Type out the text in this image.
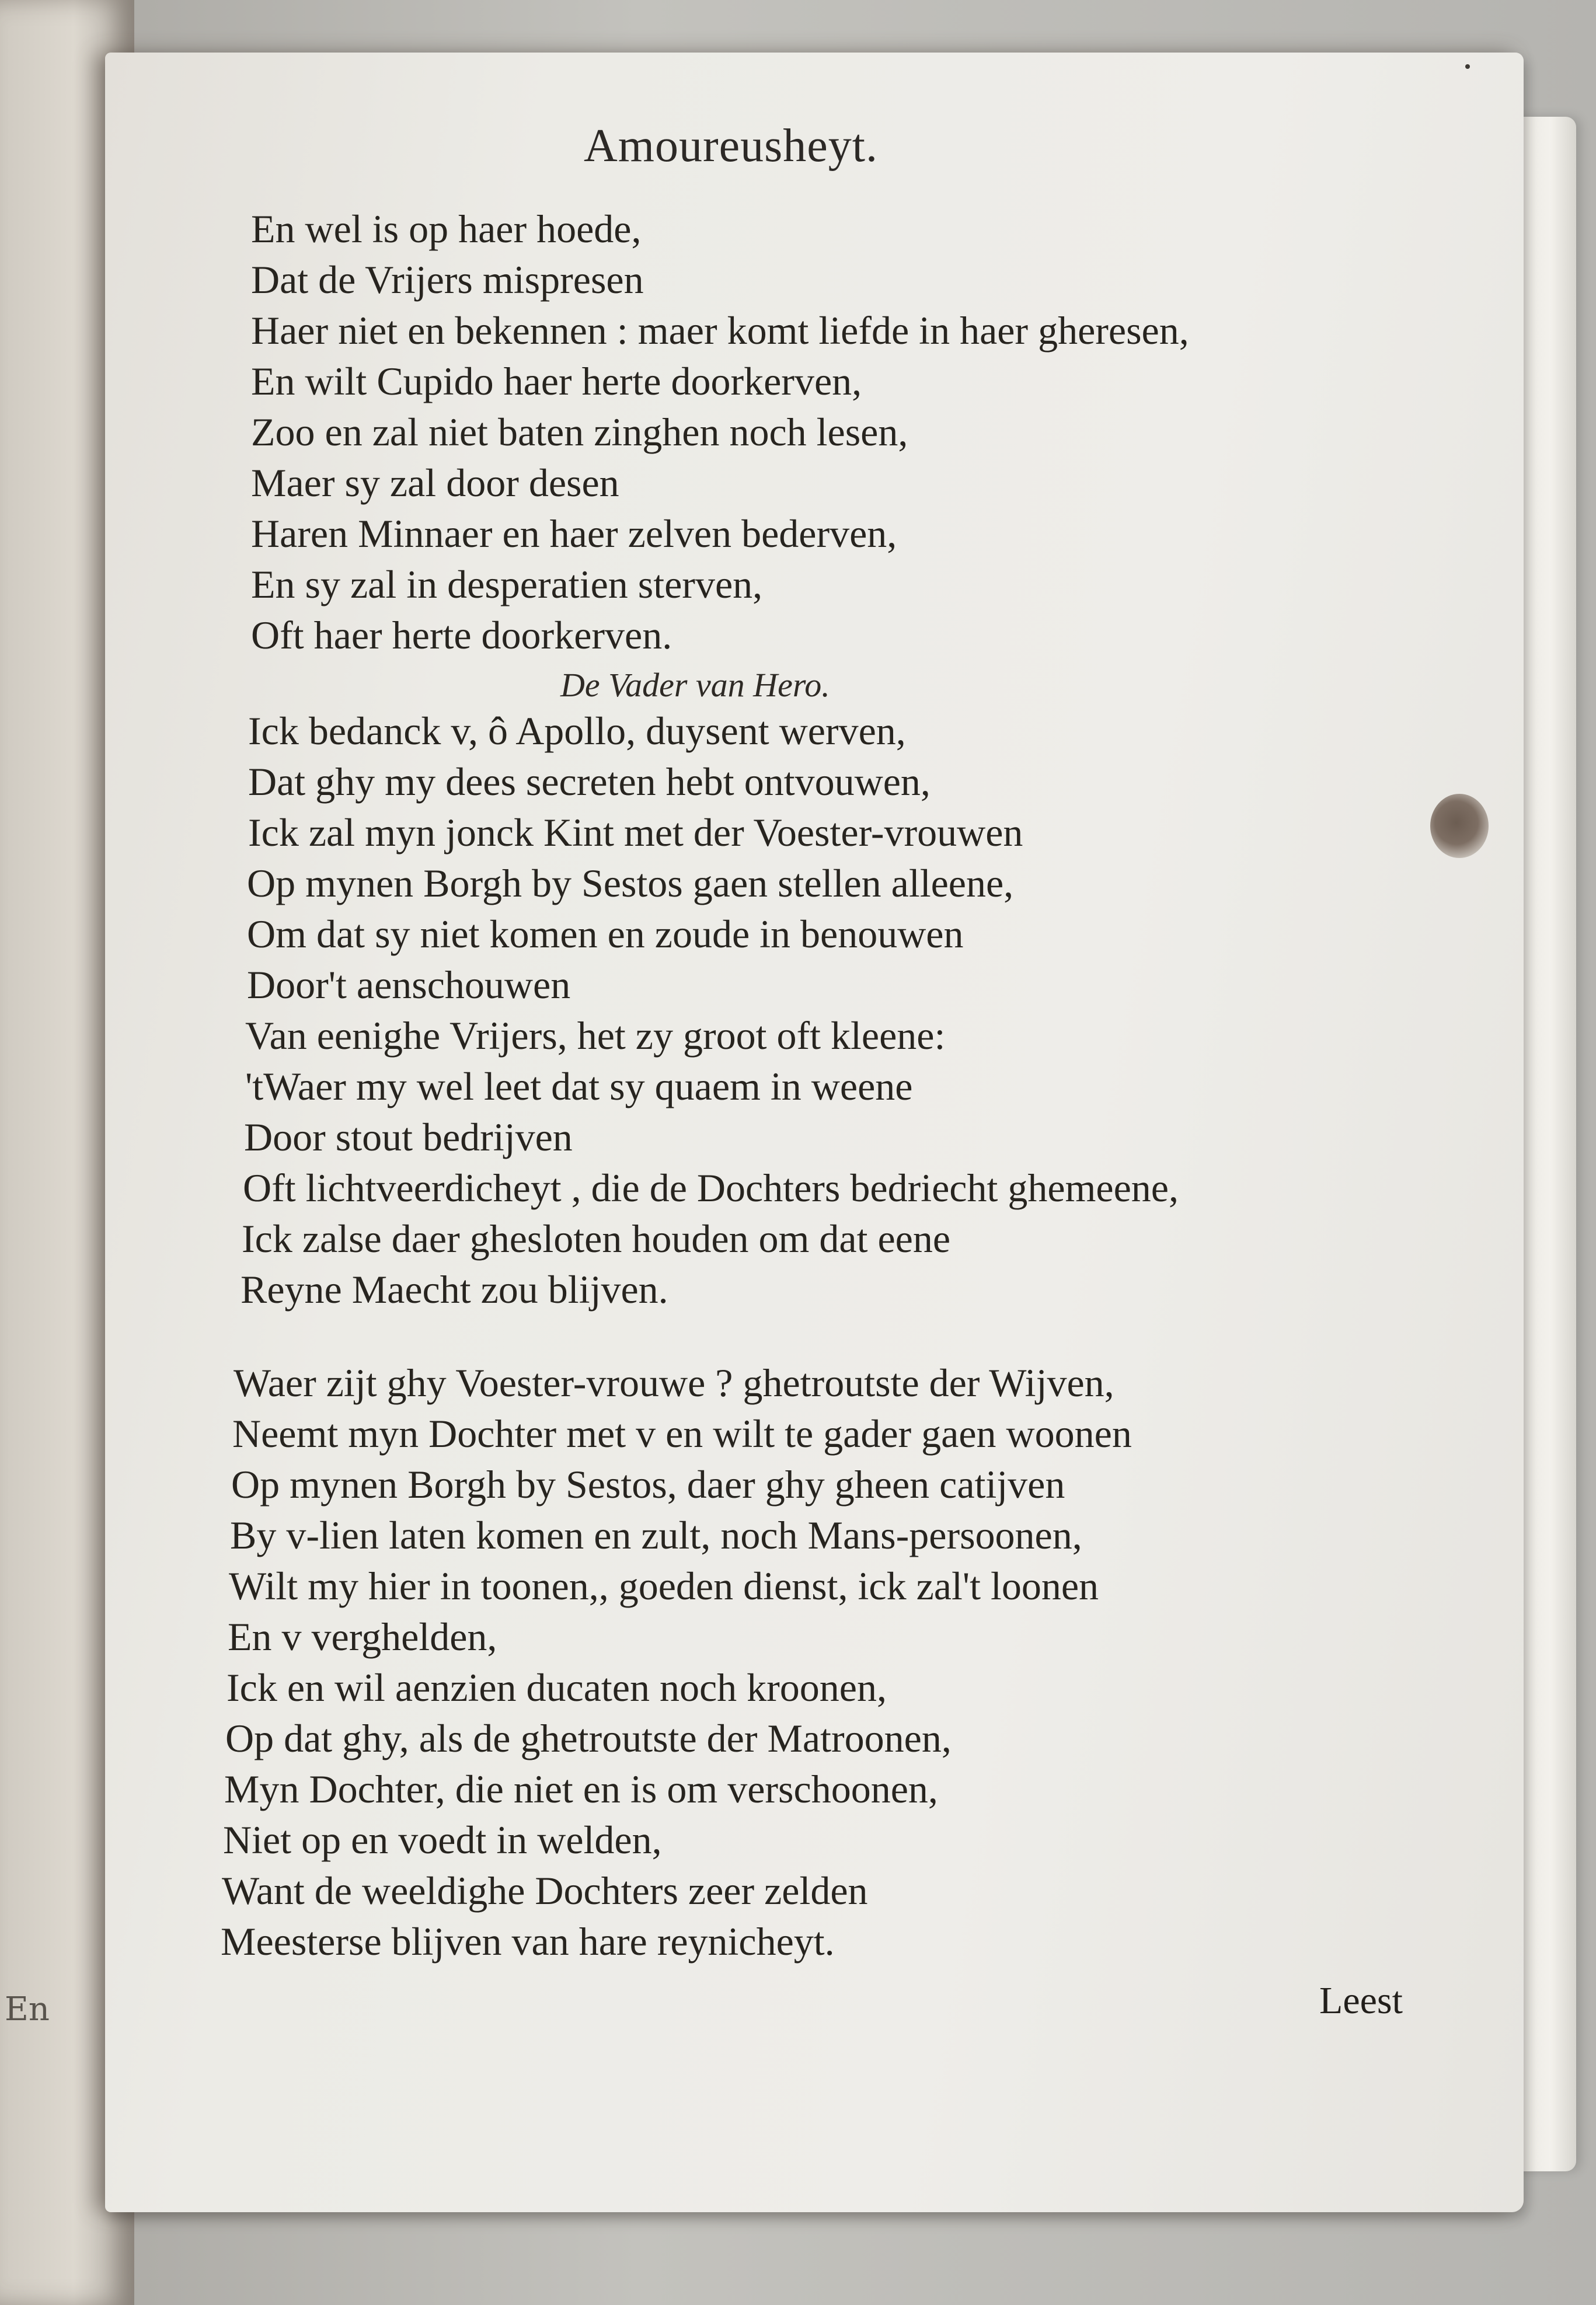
En
Amoureusheyt.
En wel is op haer hoede,
Dat de Vrijers mispresen
Haer niet en bekennen : maer komt liefde in haer gheresen,
En wilt Cupido haer herte doorkerven,
Zoo en zal niet baten zinghen noch lesen,
Maer sy zal door desen
Haren Minnaer en haer zelven bederven,
En sy zal in desperatien sterven,
Oft haer herte doorkerven.
De Vader van Hero.
Ick bedanck v, ô Apollo, duysent werven,
Dat ghy my dees secreten hebt ontvouwen,
Ick zal myn jonck Kint met der Voester-vrouwen
Op mynen Borgh by Sestos gaen stellen alleene,
Om dat sy niet komen en zoude in benouwen
Door't aenschouwen
Van eenighe Vrijers, het zy groot oft kleene:
'tWaer my wel leet dat sy quaem in weene
Door stout bedrijven
Oft lichtveerdicheyt , die de Dochters bedriecht ghemeene,
Ick zalse daer ghesloten houden om dat eene
Reyne Maecht zou blijven.
Waer zijt ghy Voester-vrouwe ? ghetroutste der Wijven,
Neemt myn Dochter met v en wilt te gader gaen woonen
Op mynen Borgh by Sestos, daer ghy gheen catijven
By v-lien laten komen en zult, noch Mans-persoonen,
Wilt my hier in toonen,, goeden dienst, ick zal't loonen
En v verghelden,
Ick en wil aenzien ducaten noch kroonen,
Op dat ghy, als de ghetroutste der Matroonen,
Myn Dochter, die niet en is om verschoonen,
Niet op en voedt in welden,
Want de weeldighe Dochters zeer zelden
Meesterse blijven van hare reynicheyt.
Leest
